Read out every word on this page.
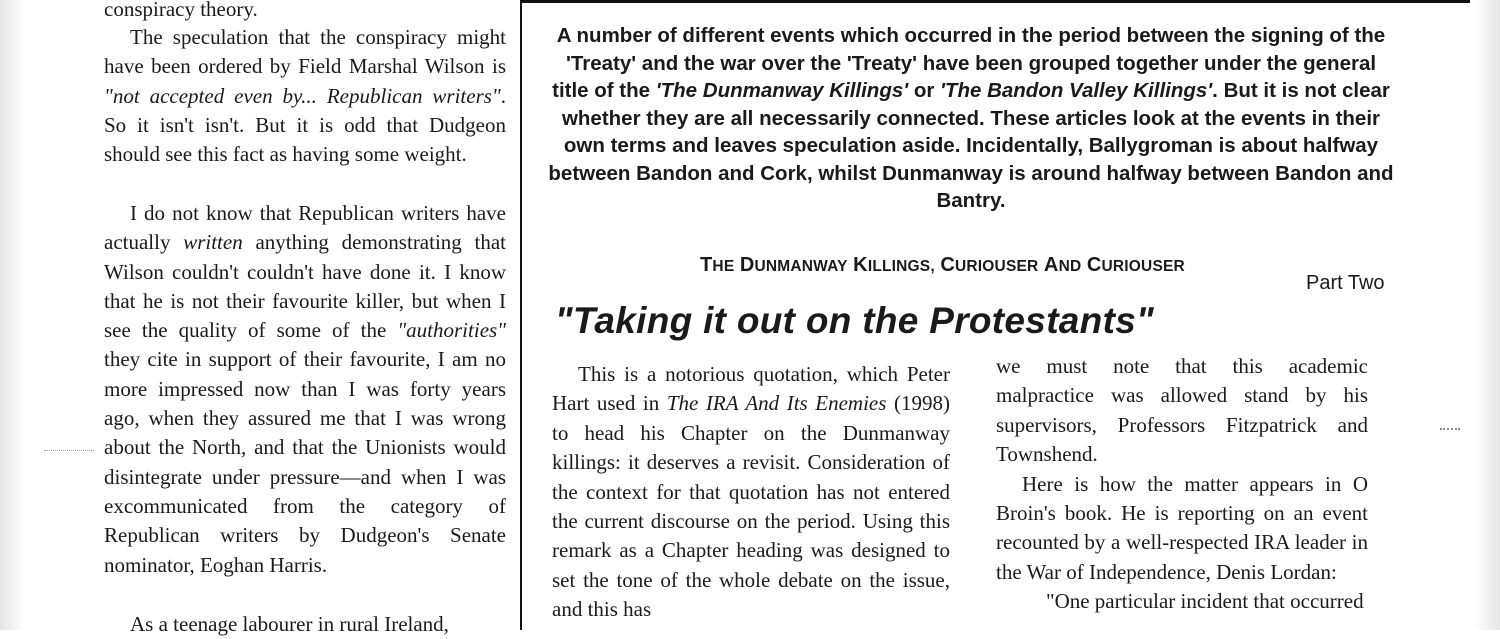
conspiracy theory.

The speculation that the conspiracy might have been ordered by Field Marshal Wilson is "not accepted even by... Republican writers". So it isn't isn't. But it is odd that Dudgeon should see this fact as having some weight.

I do not know that Republican writers have actually written anything demonstrating that Wilson couldn't couldn't have done it. I know that he is not their favourite killer, but when I see the quality of some of the "authorities" they cite in support of their favourite, I am no more impressed now than I was forty years ago, when they assured me that I was wrong about the North, and that the Unionists would disintegrate under pressure—and when I was excommunicated from the category of Republican writers by Dudgeon's Senate nominator, Eoghan Harris.

As a teenage labourer in rural Ireland,

A number of different events which occurred in the period between the signing of the 'Treaty' and the war over the 'Treaty' have been grouped together under the general title of the 'The Dunmanway Killings' or 'The Bandon Valley Killings'. But it is not clear whether they are all necessarily connected. These articles look at the events in their own terms and leaves speculation aside. Incidentally, Ballygroman is about halfway between Bandon and Cork, whilst Dunmanway is around halfway between Bandon and Bantry.
THE DUNMANWAY KILLINGS, CURIOUSER AND CURIOUSER
Part Two
"Taking it out on the Protestants"

This is a notorious quotation, which Peter Hart used in The IRA And Its Enemies (1998) to head his Chapter on the Dunmanway killings: it deserves a revisit. Consideration of the context for that quotation has not entered the current discourse on the period. Using this remark as a Chapter heading was designed to set the tone of the whole debate on the issue, and this has

we must note that this academic malpractice was allowed stand by his supervisors, Professors Fitzpatrick and Townshend.

Here is how the matter appears in O Broin's book. He is reporting on an event recounted by a well-respected IRA leader in the War of Independence, Denis Lordan:

"One particular incident that occurred
